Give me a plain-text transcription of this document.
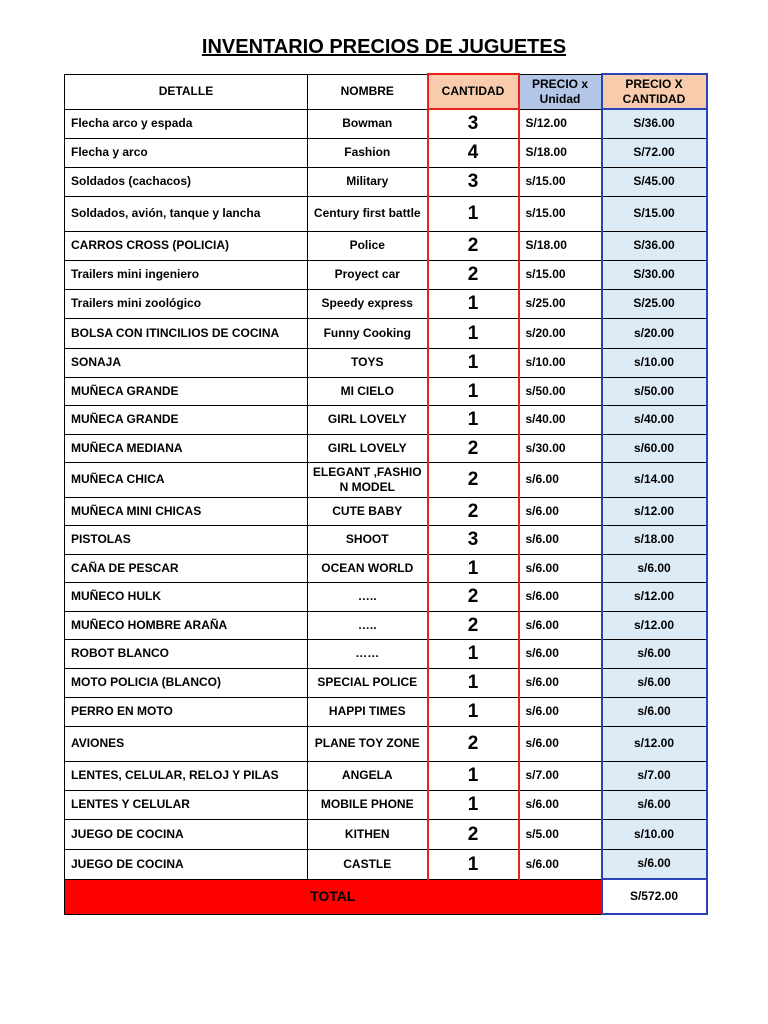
INVENTARIO PRECIOS DE JUGUETES
DETALLE	NOMBRE	CANTIDAD	PRECIO x Unidad	PRECIO X CANTIDAD
Flecha arco y espada	Bowman	3	S/12.00	S/36.00
Flecha y arco	Fashion	4	S/18.00	S/72.00
Soldados (cachacos)	Military	3	s/15.00	S/45.00
Soldados, avión, tanque y lancha	Century first battle	1	s/15.00	S/15.00
CARROS CROSS (POLICIA)	Police	2	S/18.00	S/36.00
Trailers mini ingeniero	Proyect car	2	s/15.00	S/30.00
Trailers mini zoológico	Speedy express	1	s/25.00	S/25.00
BOLSA CON ITINCILIOS DE COCINA	Funny Cooking	1	s/20.00	s/20.00
SONAJA	TOYS	1	s/10.00	s/10.00
MUÑECA GRANDE	MI CIELO	1	s/50.00	s/50.00
MUÑECA GRANDE	GIRL LOVELY	1	s/40.00	s/40.00
MUÑECA MEDIANA	GIRL LOVELY	2	s/30.00	s/60.00
MUÑECA CHICA	ELEGANT ,FASHIO N MODEL	2	s/6.00	s/14.00
MUÑECA MINI CHICAS	CUTE BABY	2	s/6.00	s/12.00
PISTOLAS	SHOOT	3	s/6.00	s/18.00
CAÑA DE PESCAR	OCEAN WORLD	1	s/6.00	s/6.00
MUÑECO HULK	…..	2	s/6.00	s/12.00
MUÑECO HOMBRE ARAÑA	…..	2	s/6.00	s/12.00
ROBOT BLANCO	……	1	s/6.00	s/6.00
MOTO POLICIA (BLANCO)	SPECIAL POLICE	1	s/6.00	s/6.00
PERRO EN MOTO	HAPPI TIMES	1	s/6.00	s/6.00
AVIONES	PLANE TOY ZONE	2	s/6.00	s/12.00
LENTES, CELULAR, RELOJ Y PILAS	ANGELA	1	s/7.00	s/7.00
LENTES Y CELULAR	MOBILE PHONE	1	s/6.00	s/6.00
JUEGO DE COCINA	KITHEN	2	s/5.00	s/10.00
JUEGO DE COCINA	CASTLE	1	s/6.00	s/6.00
TOTAL				S/572.00
